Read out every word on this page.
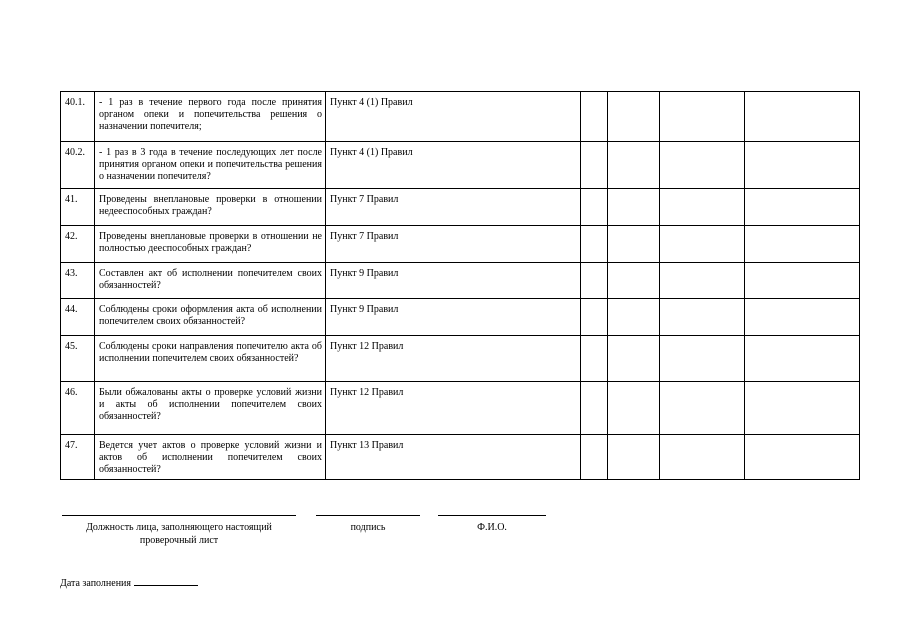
40.1.	- 1 раз в течение первого года после принятия органом опеки и попечительства решения о назначении попечителя;	Пункт 4 (1) Правил				
40.2.	- 1 раз в 3 года в течение последующих лет после принятия органом опеки и попечительства решения о назначении попечителя?	Пункт 4 (1) Правил				
41.	Проведены внеплановые проверки в отношении недееспособных граждан?	Пункт 7 Правил				
42.	Проведены внеплановые проверки в отношении не полностью дееспособных граждан?	Пункт 7 Правил				
43.	Составлен акт об исполнении попечителем своих обязанностей?	Пункт 9 Правил				
44.	Соблюдены сроки оформления акта об исполнении попечителем своих обязанностей?	Пункт 9 Правил				
45.	Соблюдены сроки направления попечителю акта об исполнении попечителем своих обязанностей?	Пункт 12 Правил				
46.	Были обжалованы акты о проверке условий жизни и акты об исполнении попечителем своих обязанностей?	Пункт 12 Правил				
47.	Ведется учет актов о проверке условий жизни и актов об исполнении попечителем своих обязанностей?	Пункт 13 Правил				
Должность лица, заполняющего настоящий
проверочный лист
подпись	Ф.И.О.
Дата заполнения
